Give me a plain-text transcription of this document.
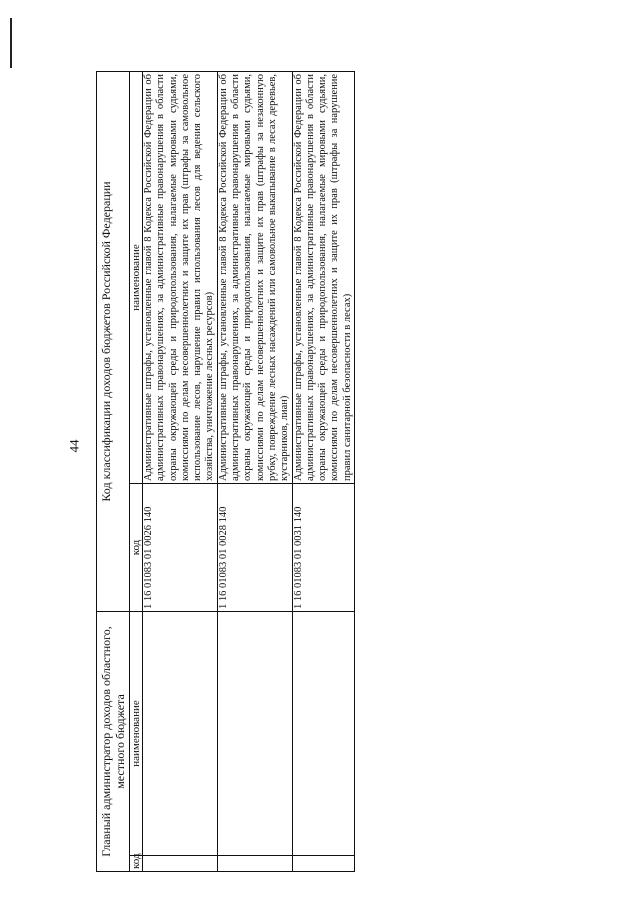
44
Главный администратор доходов областного, местного бюджета		Код классификации доходов бюджетов Российской Федерации	
код	наименование	код	наименование
		1 16 01083 01 0026 140	Административные штрафы, установленные главой 8 Кодекса Российской Федерации об административных правонарушениях, за административные правонарушения в области охраны окружающей среды и природопользования, налагаемые мировыми судьями, комиссиями по делам несовершеннолетних и защите их прав (штрафы за самовольное использование лесов, нарушение правил использования лесов для ведения сельского хозяйства, уничтожение лесных ресурсов)
		1 16 01083 01 0028 140	Административные штрафы, установленные главой 8 Кодекса Российской Федерации об административных правонарушениях, за административные правонарушения в области охраны окружающей среды и природопользования, налагаемые мировыми судьями, комиссиями по делам несовершеннолетних и защите их прав (штрафы за незаконную рубку, повреждение лесных насаждений или самовольное выкапывание в лесах деревьев, кустарников, лиан)
		1 16 01083 01 0031 140	Административные штрафы, установленные главой 8 Кодекса Российской Федерации об административных правонарушениях, за административные правонарушения в области охраны окружающей среды и природопользования, налагаемые мировыми судьями, комиссиями по делам несовершеннолетних и защите их прав (штрафы за нарушение правил санитарной безопасности в лесах)
